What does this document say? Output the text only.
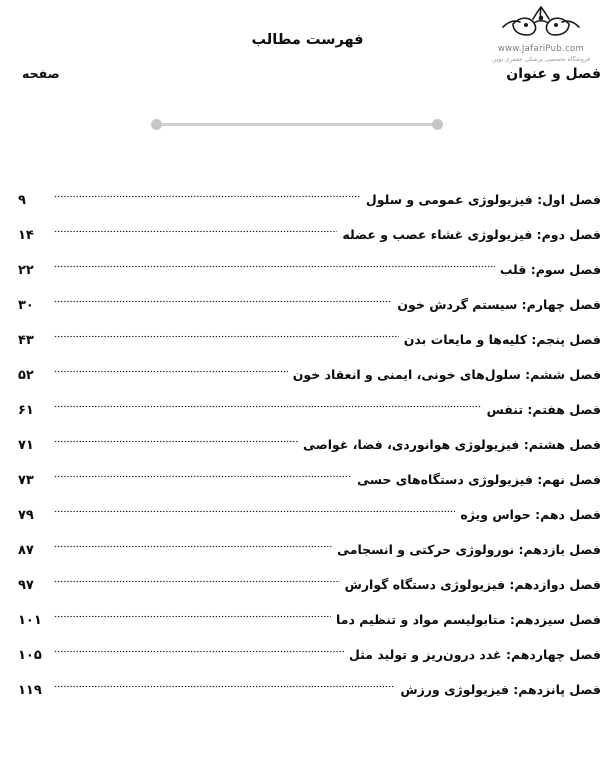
فهرست مطالب
www.JafariPub.com
فروشگاه تخصصی پزشکی جعفری نوین
صفحه	فصل و عنوان
فصل اول: فیزیولوژی عمومی و سلول
۹
فصل دوم: فیزیولوژی غشاء عصب و عضله
۱۴
فصل سوم: قلب
۲۲
فصل چهارم: سیستم گردش خون
۳۰
فصل پنجم: کلیه‌ها و مایعات بدن
۴۳
فصل ششم: سلول‌های خونی، ایمنی و انعقاد خون
۵۲
فصل هفتم: تنفس
۶۱
فصل هشتم: فیزیولوژی هوانوردی، فضا، غواصی
۷۱
فصل نهم: فیزیولوژی دستگاه‌های حسی
۷۳
فصل دهم: حواس ویژه
۷۹
فصل یازدهم: نورولوژی حرکتی و انسجامی
۸۷
فصل دوازدهم: فیزیولوژی دستگاه گوارش
۹۷
فصل سیزدهم: متابولیسم مواد و تنظیم دما
۱۰۱
فصل چهاردهم: غدد درون‌ریز و تولید مثل
۱۰۵
فصل پانزدهم: فیزیولوژی ورزش
۱۱۹
